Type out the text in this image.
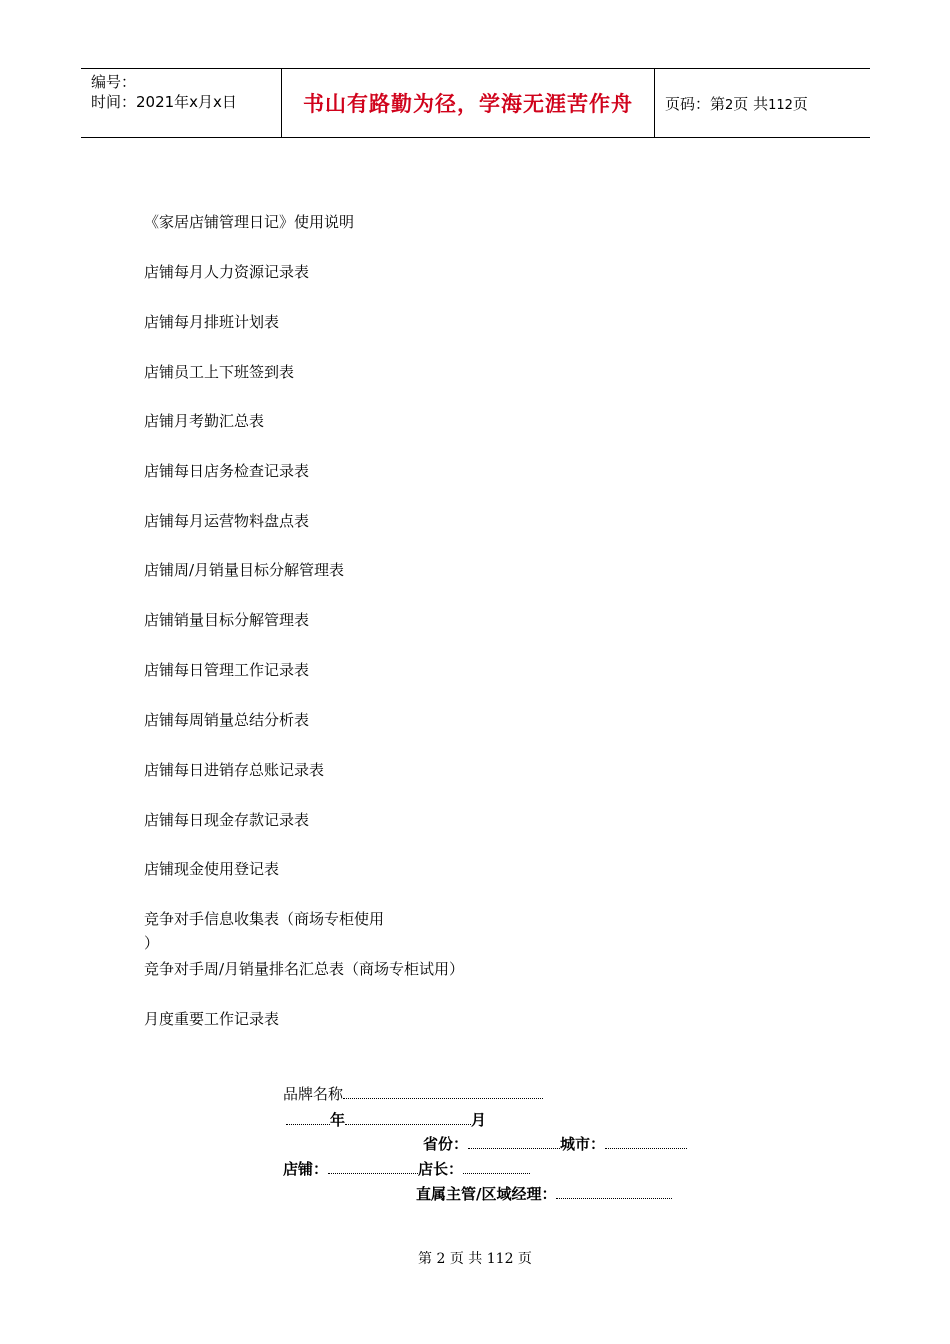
编号：
时间：2021年x月x日	书山有路勤为径，学海无涯苦作舟 页码：第2页 共112页
《家居店铺管理日记》使用说明
店铺每月人力资源记录表
店铺每月排班计划表
店铺员工上下班签到表
店铺月考勤汇总表
店铺每日店务检查记录表
店铺每月运营物料盘点表
店铺周/月销量目标分解管理表
店铺销量目标分解管理表
店铺每日管理工作记录表
店铺每周销量总结分析表
店铺每日进销存总账记录表
店铺每日现金存款记录表
店铺现金使用登记表
竞争对手信息收集表（商场专柜使用
）
竞争对手周/月销量排名汇总表（商场专柜试用）
月度重要工作记录表
品牌名称
年	月
省份：	城市：
店铺：	店长：
直属主管/区域经理：
第 2 页 共 112 页
